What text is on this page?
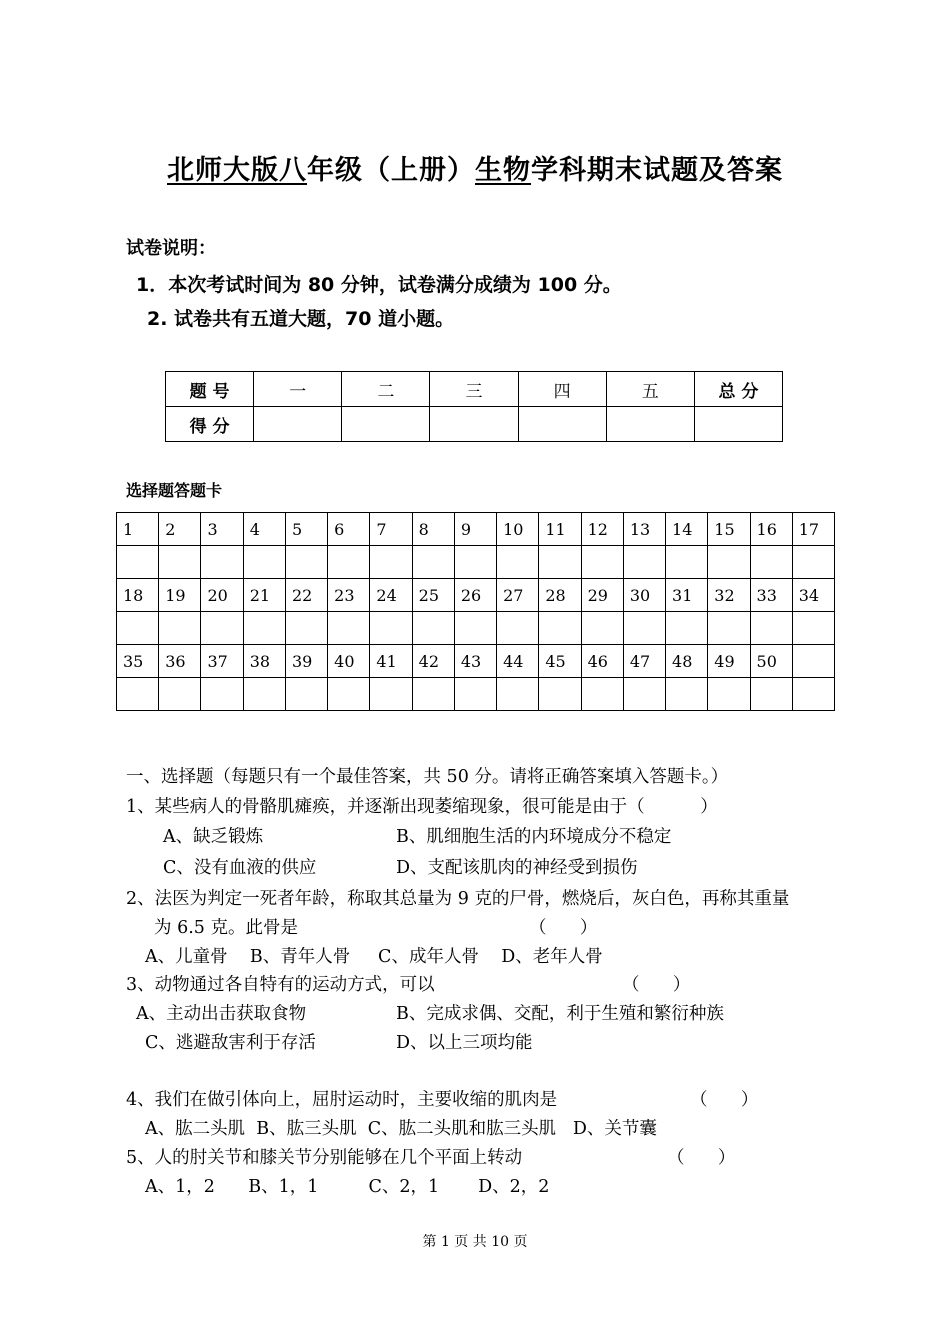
北师大版八年级（上册）生物学科期末试题及答案
试卷说明：
1．本次考试时间为 80 分钟，试卷满分成绩为 100 分。
2. 试卷共有五道大题，70 道小题。
题 号	一	二	三	四	五	总 分
得 分						
选择题答题卡
1	2	3	4	5	6	7	8	9	10	11	12	13	14	15	16	17

18	19	20	21	22	23	24	25	26	27	28	29	30	31	32	33	34

35	36	37	38	39	40	41	42	43	44	45	46	47	48	49	50	

一、选择题（每题只有一个最佳答案，共 50 分。请将正确答案填入答题卡。）
1、某些病人的骨骼肌瘫痪，并逐渐出现萎缩现象，很可能是由于（          ）
A、缺乏锻炼	B、肌细胞生活的内环境成分不稳定
C、没有血液的供应	D、支配该肌肉的神经受到损伤
2、法医为判定一死者年龄，称取其总量为 9 克的尸骨，燃烧后，灰白色，再称其重量
为 6.5 克。此骨是	（      ）
A、儿童骨    B、青年人骨     C、成年人骨    D、老年人骨
3、动物通过各自特有的运动方式，可以	（      ）
A、主动出击获取食物	B、完成求偶、交配，利于生殖和繁衍种族
C、逃避敌害利于存活	D、以上三项均能
4、我们在做引体向上，屈肘运动时，主要收缩的肌肉是	（      ）
A、肱二头肌  B、肱三头肌  C、肱二头肌和肱三头肌   D、关节囊
5、人的肘关节和膝关节分别能够在几个平面上转动	（      ）
A、1，2      B、1，1         C、2，1       D、2，2
第 1 页 共 10 页
